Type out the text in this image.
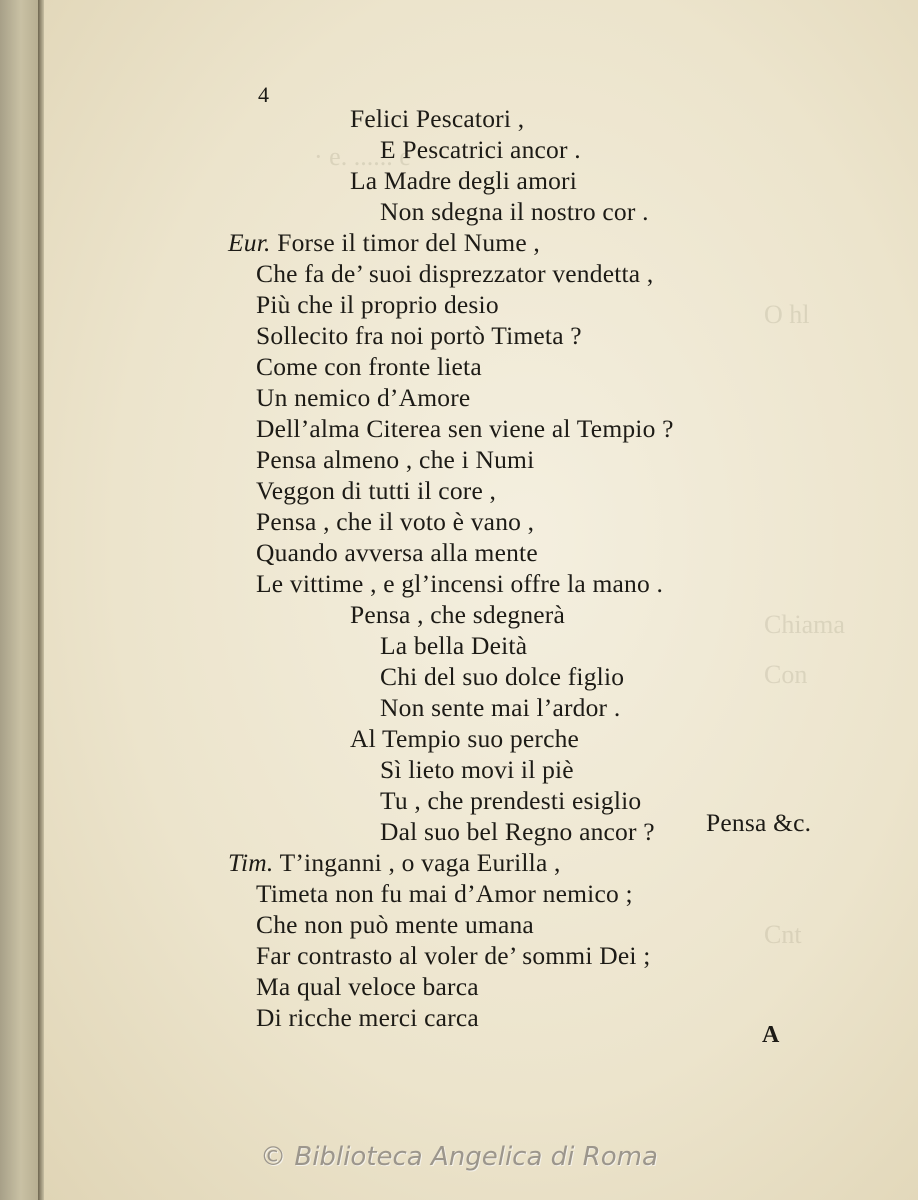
· e. ...... e
O hl
Chiama
Con
Cnt
4
Felici Pescatori ,
E Pescatrici ancor .
La Madre degli amori
Non sdegna il nostro cor .
Eur. Forse il timor del Nume ,
Che fa de’ suoi disprezzator vendetta ,
Più che il proprio desio
Sollecito fra noi portò Timeta ?
Come con fronte lieta
Un nemico d’Amore
Dell’alma Citerea sen viene al Tempio ?
Pensa almeno , che i Numi
Veggon di tutti il core ,
Pensa , che il voto è vano ,
Quando avversa alla mente
Le vittime , e gl’incensi offre la mano .
Pensa , che sdegnerà
La bella Deità
Chi del suo dolce figlio
Non sente mai l’ardor .
Al Tempio suo perche
Sì lieto movi il piè
Tu , che prendesti esiglio
Dal suo bel Regno ancor ? Pensa &c.
Tim. T’inganni , o vaga Eurilla ,
Timeta non fu mai d’Amor nemico ;
Che non può mente umana
Far contrasto al voler de’ sommi Dei ;
Ma qual veloce barca
Di ricche merci carca
A
© Biblioteca Angelica di Roma
